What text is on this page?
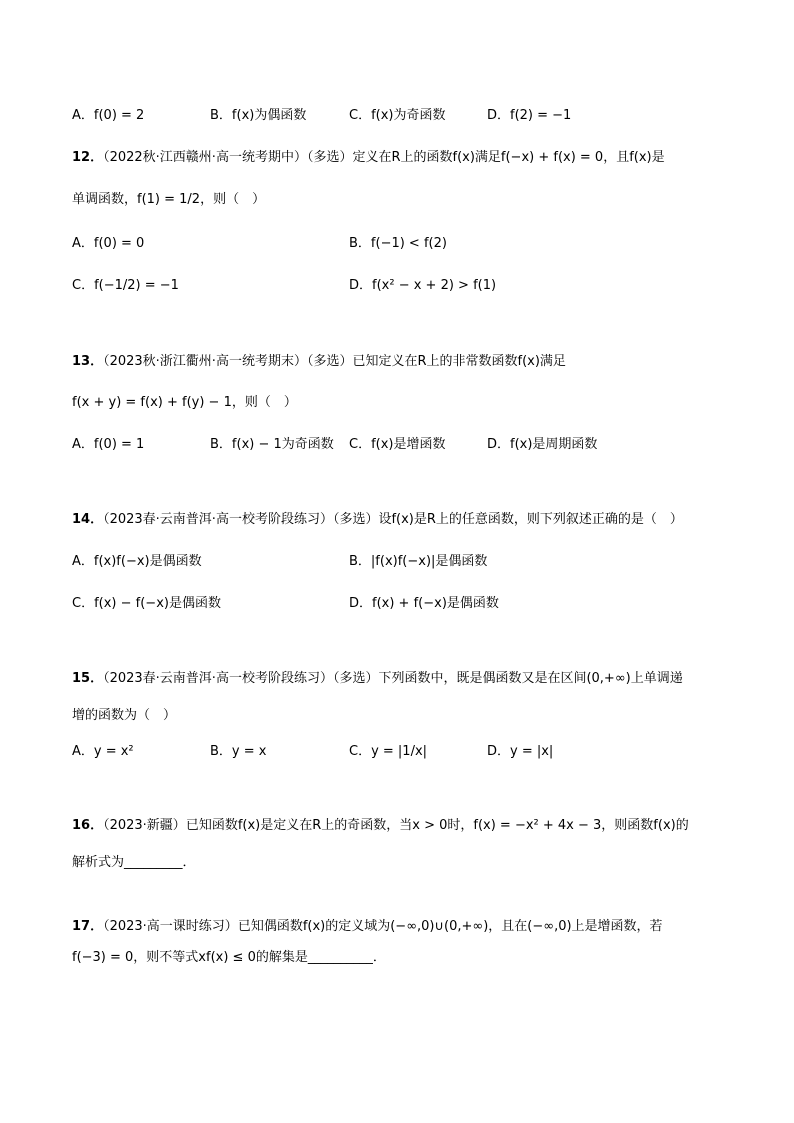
A．f(0) = 2	B．f(x)为偶函数	C．f(x)为奇函数	D．f(2) = −1
12．（2022秋·江西赣州·高一统考期中）（多选）定义在R上的函数f(x)满足f(−x) + f(x) = 0，且f(x)是
单调函数，f(1) = 1/2，则（　）
A．f(0) = 0	B．f(−1) < f(2)
C．f(−1/2) = −1	D．f(x² − x + 2) > f(1)
13．（2023秋·浙江衢州·高一统考期末）（多选）已知定义在R上的非常数函数f(x)满足
f(x + y) = f(x) + f(y) − 1，则（　）
A．f(0) = 1	B．f(x) − 1为奇函数 C．f(x)是增函数	D．f(x)是周期函数
14．（2023春·云南普洱·高一校考阶段练习）（多选）设f(x)是R上的任意函数，则下列叙述正确的是（　）
A．f(x)f(−x)是偶函数	B．|f(x)f(−x)|是偶函数
C．f(x) − f(−x)是偶函数	D．f(x) + f(−x)是偶函数
15．（2023春·云南普洱·高一校考阶段练习）（多选）下列函数中，既是偶函数又是在区间(0,+∞)上单调递
增的函数为（　）
A．y = x²	B．y = x	C．y = |1/x|	D．y = |x|
16．（2023·新疆）已知函数f(x)是定义在R上的奇函数，当x > 0时，f(x) = −x² + 4x − 3，则函数f(x)的
解析式为_________．
17．（2023·高一课时练习）已知偶函数f(x)的定义域为(−∞,0)∪(0,+∞)，且在(−∞,0)上是增函数，若
f(−3) = 0，则不等式xf(x) ≤ 0的解集是__________．
